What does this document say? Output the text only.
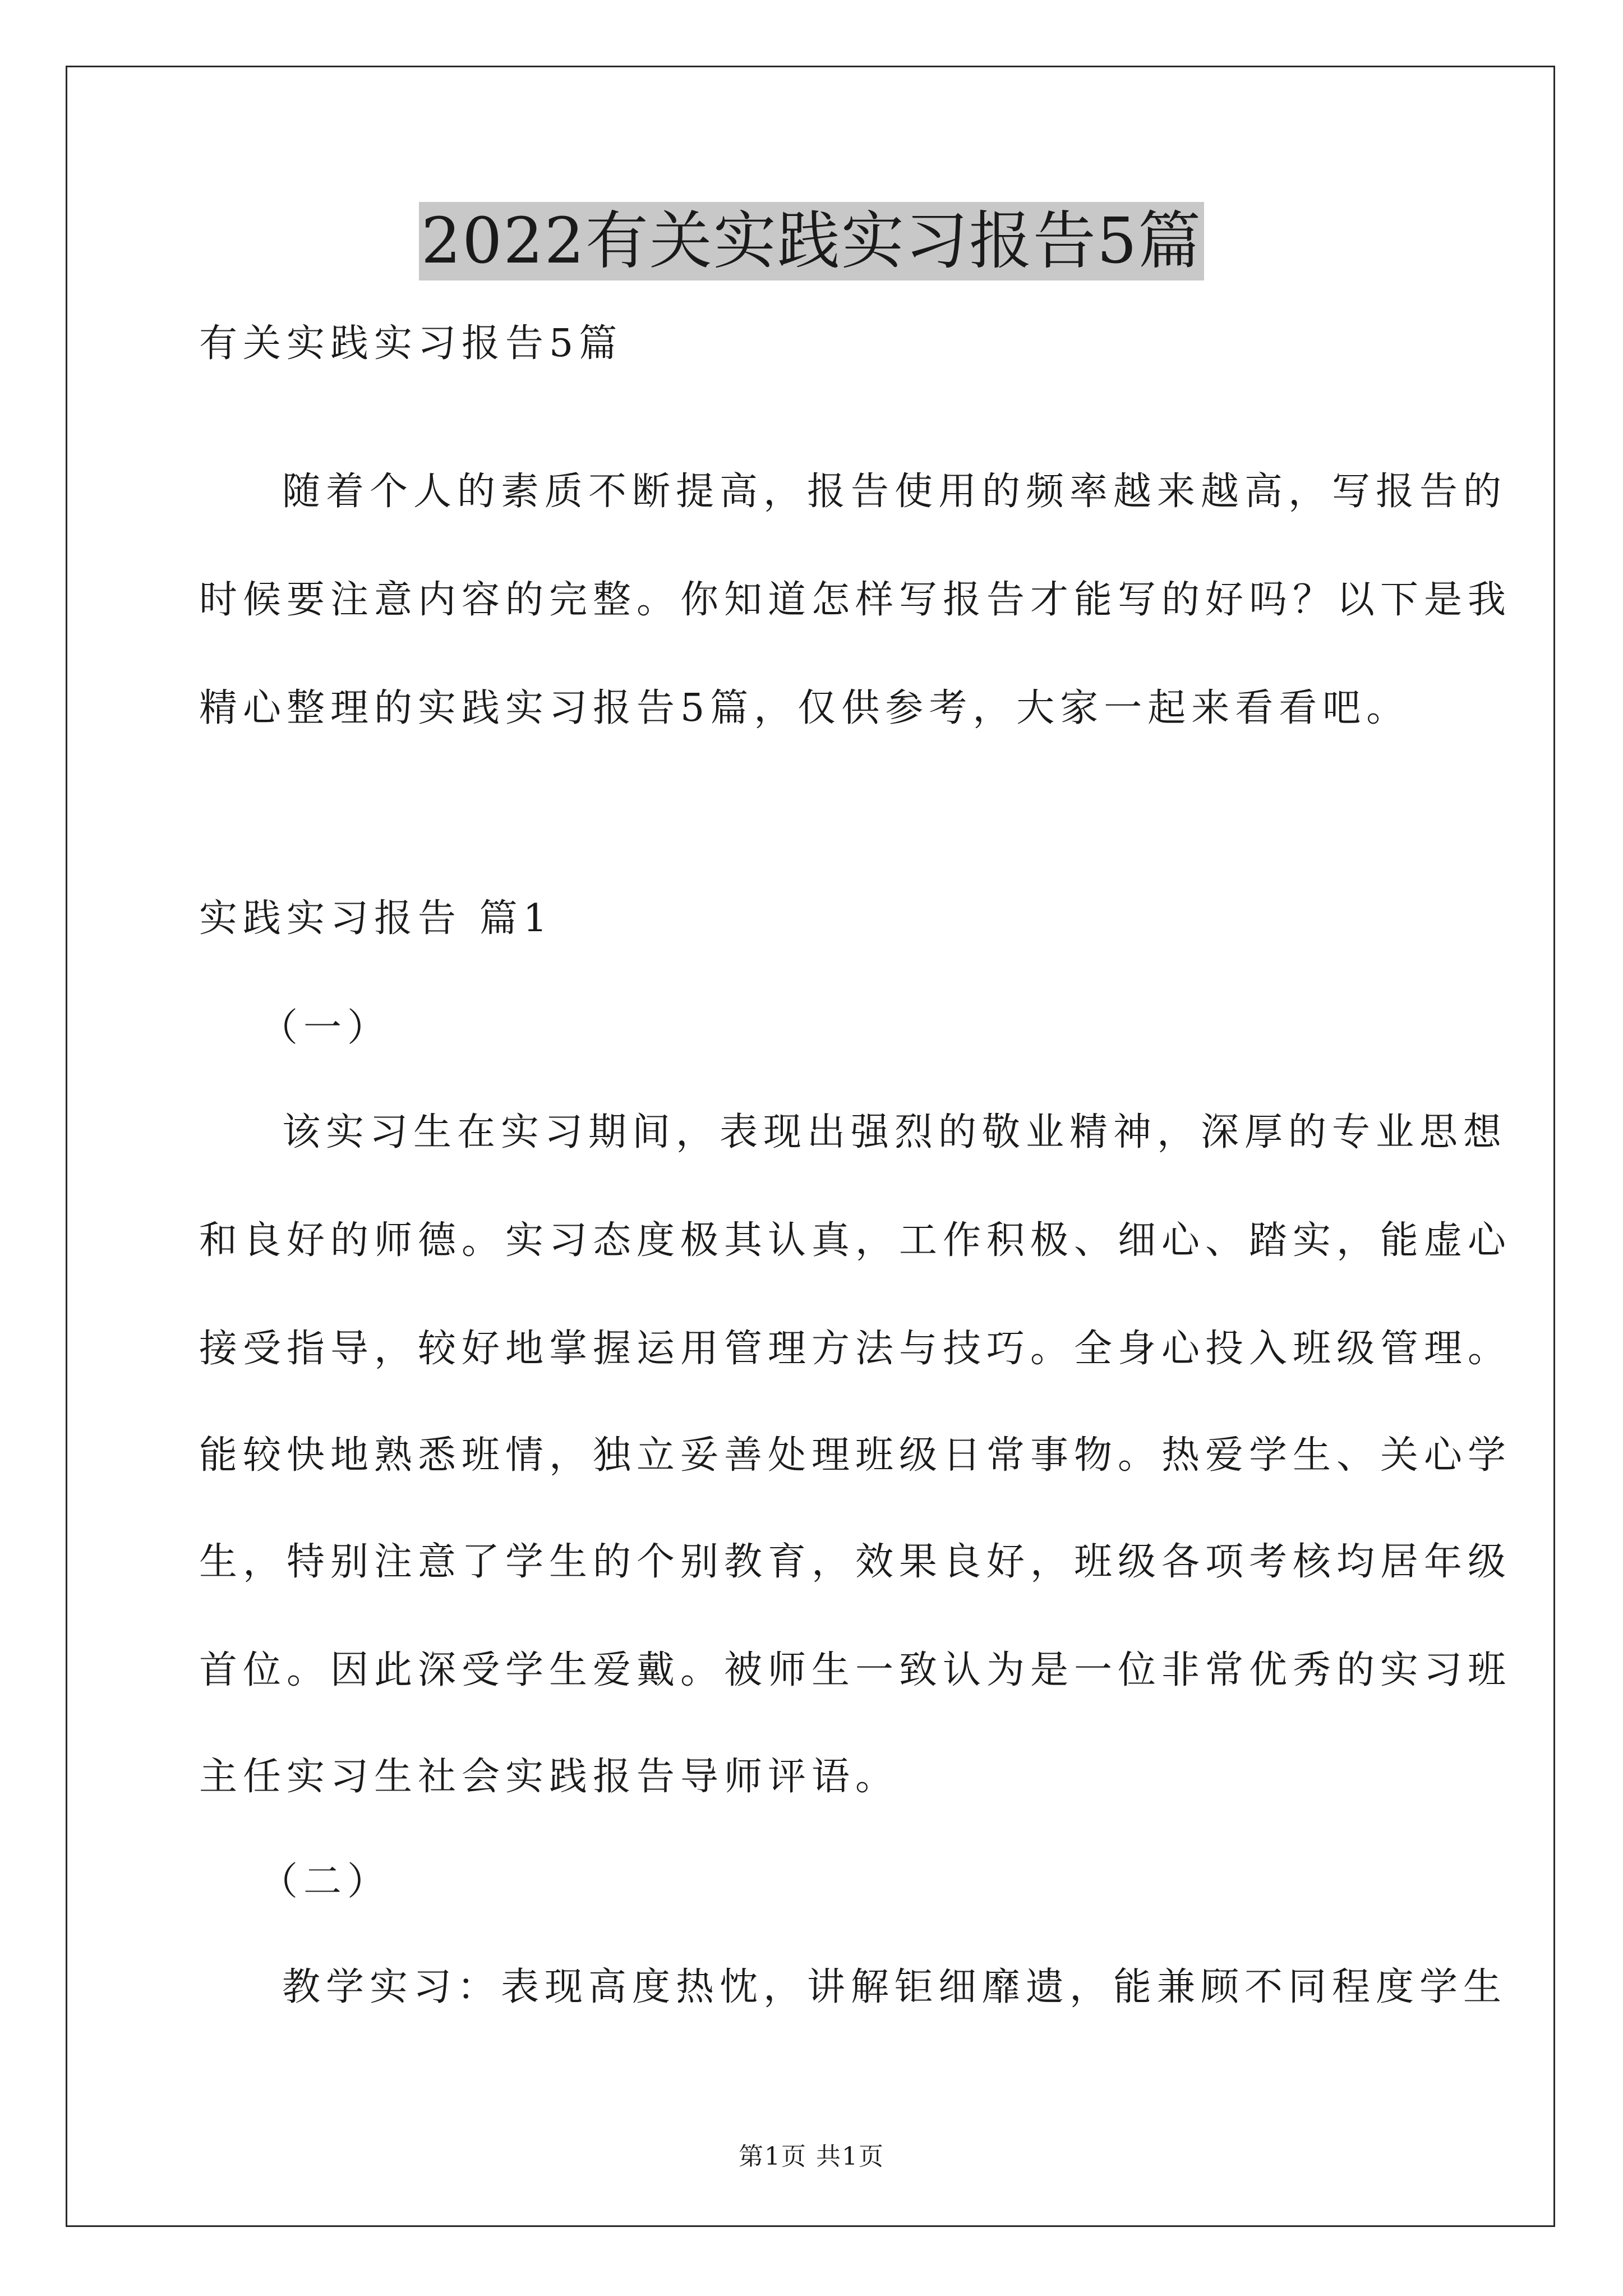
2022有关实践实习报告5篇
有关实践实习报告5篇
随着个人的素质不断提高，报告使用的频率越来越高，写报告的
时候要注意内容的完整。你知道怎样写报告才能写的好吗？以下是我
精心整理的实践实习报告5篇，仅供参考，大家一起来看看吧。
实践实习报告 篇1
（一）
该实习生在实习期间，表现出强烈的敬业精神，深厚的专业思想
和良好的师德。实习态度极其认真，工作积极、细心、踏实，能虚心
接受指导，较好地掌握运用管理方法与技巧。全身心投入班级管理。
能较快地熟悉班情，独立妥善处理班级日常事物。热爱学生、关心学
生，特别注意了学生的个别教育，效果良好，班级各项考核均居年级
首位。因此深受学生爱戴。被师生一致认为是一位非常优秀的实习班
主任实习生社会实践报告导师评语。
（二）
教学实习：表现高度热忱，讲解钜细靡遗，能兼顾不同程度学生
第1页 共1页
